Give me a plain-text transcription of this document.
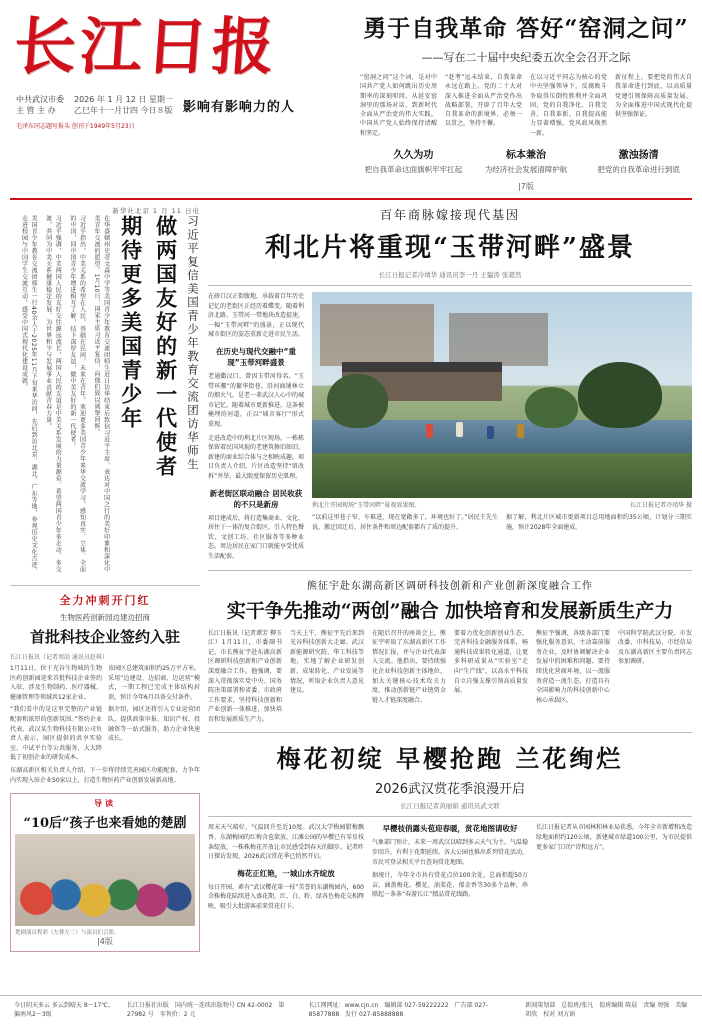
长江日报
中共武汉市委
主 管 主 办
2026 年 1 月 12 日 星期一
乙巳年十一月廿四 今日８版 影响有影响力的人
毛泽东同志题写报头 创刊于1949年5月23日
勇于自我革命 答好“窑洞之问”
——写在二十届中央纪委五次全会召开之际
“窑洞之问”这个词，是对中国共产党人如何跳出历史周期率的深刻叩问。从延安窑洞里的那场对话，到新时代全面从严治党的伟大实践，中国共产党人始终保持清醒和坚定。
“赶考”远未结束，自我革命永远在路上。党的二十大对深入推进全面从严治党作出战略部署，开辟了百年大党自我革命的新境界，必须一以贯之，坚持不懈。
在以习近平同志为核心的党中央坚强领导下，反腐败斗争取得压倒性胜利并全面巩固，党的自我净化、自我完善、自我革新、自我提高能力显著增强，党风政风焕然一新。
新征程上，要把党的伟大自我革命进行到底，以高质量党建引领保障高质量发展，为全面推进中国式现代化提供坚强保证。
久久为功
把自我革命这面旗帜牢牢扛起
标本兼治
为经济社会发展清障护航
激浊扬清
把党的自我革命进行到底
|7版
新华社北京 1 月 11 日电
习近平复信美国青少年教育交流团访华师生
做两国友好的新一代使者
期待更多美国青少年
在华盛顿州史蒂文森中学等美国青少年教育交流团师生近日访华结束后致信习近平主席，表达对中国之行的美好印象和深化中美青年交流的愿望。1月10日，国家主席习近平复信，向他们致以诚挚问候。
习近平指出，中美关系的希望在人民，基础在民间，未来在青年。欢迎更多美国青少年来华交流学习，感知真实、立体、全面的中国，同中国青少年增进相互了解，结下深厚友谊，做中美友好的新一代使者。
习近平强调，中美两国人民的友好交往源远流长，两国人民的友谊是中美关系发展的力量源泉。希望两国青少年多走动、多交流，共同为中美关系健康稳定发展、为世界和平与发展事业贡献青春力量。
美国青少年教育交流团师生一行40余人于2025年11月下旬来华访问，先后到访北京、湖北、广东等地，参观历史文化古迹、走进校园与中国学生交流互动，感受中国式现代化建设成就。
全力冲刺开门红
生物医药创新园边建边招商
首批科技企业签约入驻
长江日报讯（记者周劼 通讯员赵琪）
1月11日，位于光谷生物城的生物医药创新园迎来首批科技企业签约入驻，涉及生物制药、医疗器械、健康管理等领域共12家企业。
该园区总建筑面积约25万平方米，采用“边建设、边招商、边运营”模式，一期工程已完成主体结构封顶，预计今年6月具备交付条件。
“我们看中的是这里完整的产业链配套和浓厚的创新氛围。”签约企业代表、武汉某生物科技有限公司负责人表示，园区提供的共享实验室、中试平台等公共服务，大大降低了初创企业的研发成本。
据介绍，园区还将引入专业运营团队，提供政策申报、知识产权、投融资等一站式服务，助力企业快速成长。
东湖高新区相关负责人介绍，下一步将持续完善园区功能配套，力争年内实现入驻企业50家以上，打造生物医药产业创新发展新高地。
导读
“10后”孩子也来看她的楚剧
楚剧演员程彩（左排左三）与演员们合影。
|4版
百年商脉嫁接现代基因
利北片将重现“玉带河畔”盛景
长江日报记者冷靖华 通讯员李一丹 王韫涛 张超然
在硚口汉正街腹地，承载着百年历史记忆的老街区正经历着蝶变。随着利济北路、玉带河一带地块改造提速，一幅“玉带河畔”的盛景，正以现代城市街区的姿态重新走进市民生活。
在历史与现代交融中“重现”玉带河畔盛景
老通衢汉口，曾因玉带河得名。“玉带环腰”的繁华街巷、沿河商铺林立的烟火气，是老一辈武汉人心中的城市记忆。随着城市更新推进，这条被掩埋的河道，正以“城市客厅”形式重现。
走进改造中的利北片区现场，一栋栋保留着民国风貌的老建筑修旧如旧，新建的商业综合体与之相映成趣。项目负责人介绍，片区改造坚持“留改拆”并举，最大限度保留历史肌理。
新老街区联动融合 居民收获的不只是新房
项目建成后，将打造集商业、文化、居住于一体的复合街区，引入特色餐饮、文创工坊、社区服务等多种业态。周边居民在家门口就能享受优质生活配套。
利北片开园现场“玉带河畔”景观效果图。	长江日报记者冷靖华 摄
“以前这里巷子窄、车难进，现在宽敞多了，环境也好了。”居民王先生说，搬迁回迁后，居住条件和周边配套都有了质的提升。
据了解，利北片区城市更新项目总用地面积约35公顷，计划分三期实施，预计2028年全面建成。
熊征宇赴东湖高新区调研科技创新和产业创新深度融合工作
实干争先推动“两创”融合 加快培育和发展新质生产力
长江日报讯（记者谭芳 柳玉江）1月11日，市委副书记、市长熊征宇赴东湖高新区调研科技创新和产业创新深度融合工作。他强调，要深入贯彻落实党中央、国务院决策部署和省委、市政府工作要求，坚持科技创新和产业创新一体推进，加快培育和发展新质生产力。
当天上午，熊征宇先后来到光谷科技创新大走廊、武汉新能源研究院、华工科技等地，实地了解企业研发创新、成果转化、产业发展等情况，听取企业负责人意见建议。
在随后召开的座谈会上，熊征宇听取了东湖高新区工作情况汇报，并与企业代表深入交流。他指出，要持续强化企业科技创新主体地位，加大关键核心技术攻关力度，推动创新链产业链资金链人才链深度融合。
要着力优化创新创业生态，完善科技金融服务体系，畅通科技成果转化通道，让更多科研成果从“实验室”走向“生产线”，以高水平科技自立自强支撑引领高质量发展。
熊征宇强调，各级各部门要强化服务意识，主动靠前服务企业，及时协调解决企业发展中的困难和问题。要持续优化营商环境，以一流服务营造一流生态，打造具有全国影响力的科技创新中心核心承载区。
中国科学院武汉分院、市发改委、市科技局、市经信局及东湖高新区主要负责同志参加调研。
梅花初绽 早樱抢跑 兰花绚烂
2026武汉赏花季浪漫开启
长江日报记者黄丽娟 通讯员武文联
周末天气晴好，气温回升至近10度。武汉大学梅园腊梅飘香、东湖梅园的红梅含苞欲放，江滩公园的早樱已有零星枝条绽放，一株株梅花开放让市民感受到春天的脚步。记者昨日探访发现，2026武汉赏花季已悄然开启。
梅花正红艳，一城山水齐绽放
每日开园，素有“武汉樱花第一枝”美誉的东湖梅园内，600余株梅花陆续进入盛花期，红、白、粉、绿各色梅花交相辉映，吸引大批游客前来赏花打卡。
早樱枝俏露头苞迎春暖，赏花地图请收好
气象部门预计，未来一周武汉以晴到多云天气为主，气温稳步回升，有利于花期延续。各大公园也推出系列赏花活动，市民可登录相关平台查询赏花地图。
据统计，今年全市共有赏花点位100余处，总面积超50万亩，涵盖梅花、樱花、油菜花、郁金香等30多个品种，串联起一条条“春游长江”精品赏花线路。
长江日报记者从市园林和林业局获悉，今年全市新增和改造绿地面积约120公顷，新建城市绿道100公里，为市民提供更多家门口的“诗和远方”。
今日阴天多云 多云到晴天 8～17℃，偏南风2～3级
长江日报社出版　国内统一连续出版物号 CN 42-0002　第 27982 号　零售价：2 元
长江网网址：www.cjn.cn　编辑部 027-59222222　广告部 027-85877888　发行 027-85888888
新闻策划部　总值班/张凡　值班编辑 陈晨　责编 周强　美编 胡欣　校对 刘方娟
